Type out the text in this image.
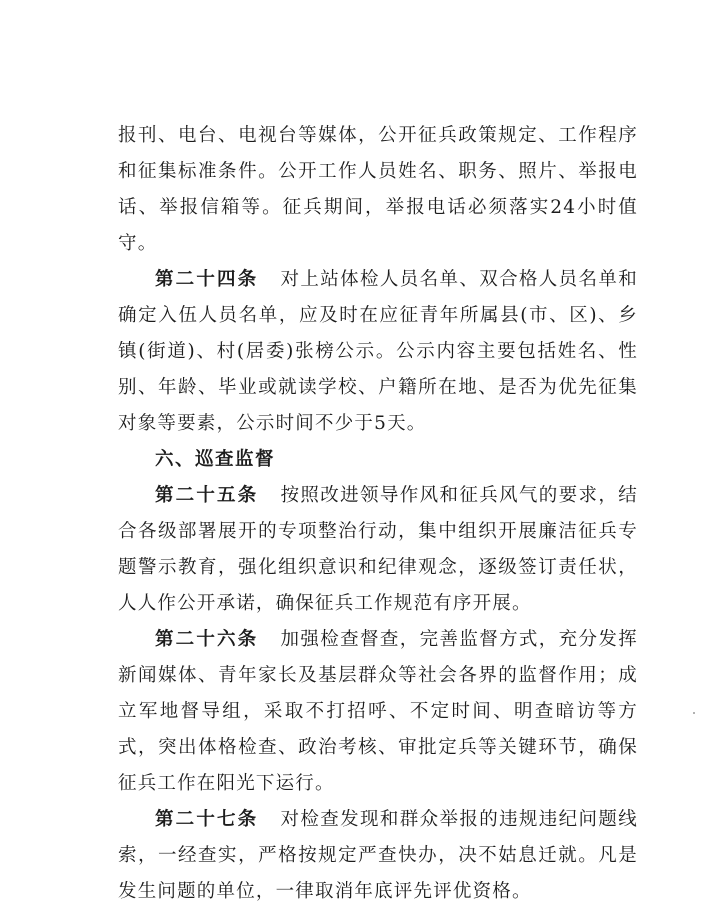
报刊、电台、电视台等媒体，公开征兵政策规定、工作程序和征集标准条件。公开工作人员姓名、职务、照片、举报电话、举报信箱等。征兵期间，举报电话必须落实24小时值守。

第二十四条 对上站体检人员名单、双合格人员名单和确定入伍人员名单，应及时在应征青年所属县(市、区)、乡镇(街道)、村(居委)张榜公示。公示内容主要包括姓名、性别、年龄、毕业或就读学校、户籍所在地、是否为优先征集对象等要素，公示时间不少于5天。

六、巡查监督

第二十五条 按照改进领导作风和征兵风气的要求，结合各级部署展开的专项整治行动，集中组织开展廉洁征兵专题警示教育，强化组织意识和纪律观念，逐级签订责任状，人人作公开承诺，确保征兵工作规范有序开展。

第二十六条 加强检查督查，完善监督方式，充分发挥新闻媒体、青年家长及基层群众等社会各界的监督作用；成立军地督导组，采取不打招呼、不定时间、明查暗访等方式，突出体格检查、政治考核、审批定兵等关键环节，确保征兵工作在阳光下运行。

第二十七条 对检查发现和群众举报的违规违纪问题线索，一经查实，严格按规定严查快办，决不姑息迁就。凡是发生问题的单位，一律取消年底评先评优资格。
